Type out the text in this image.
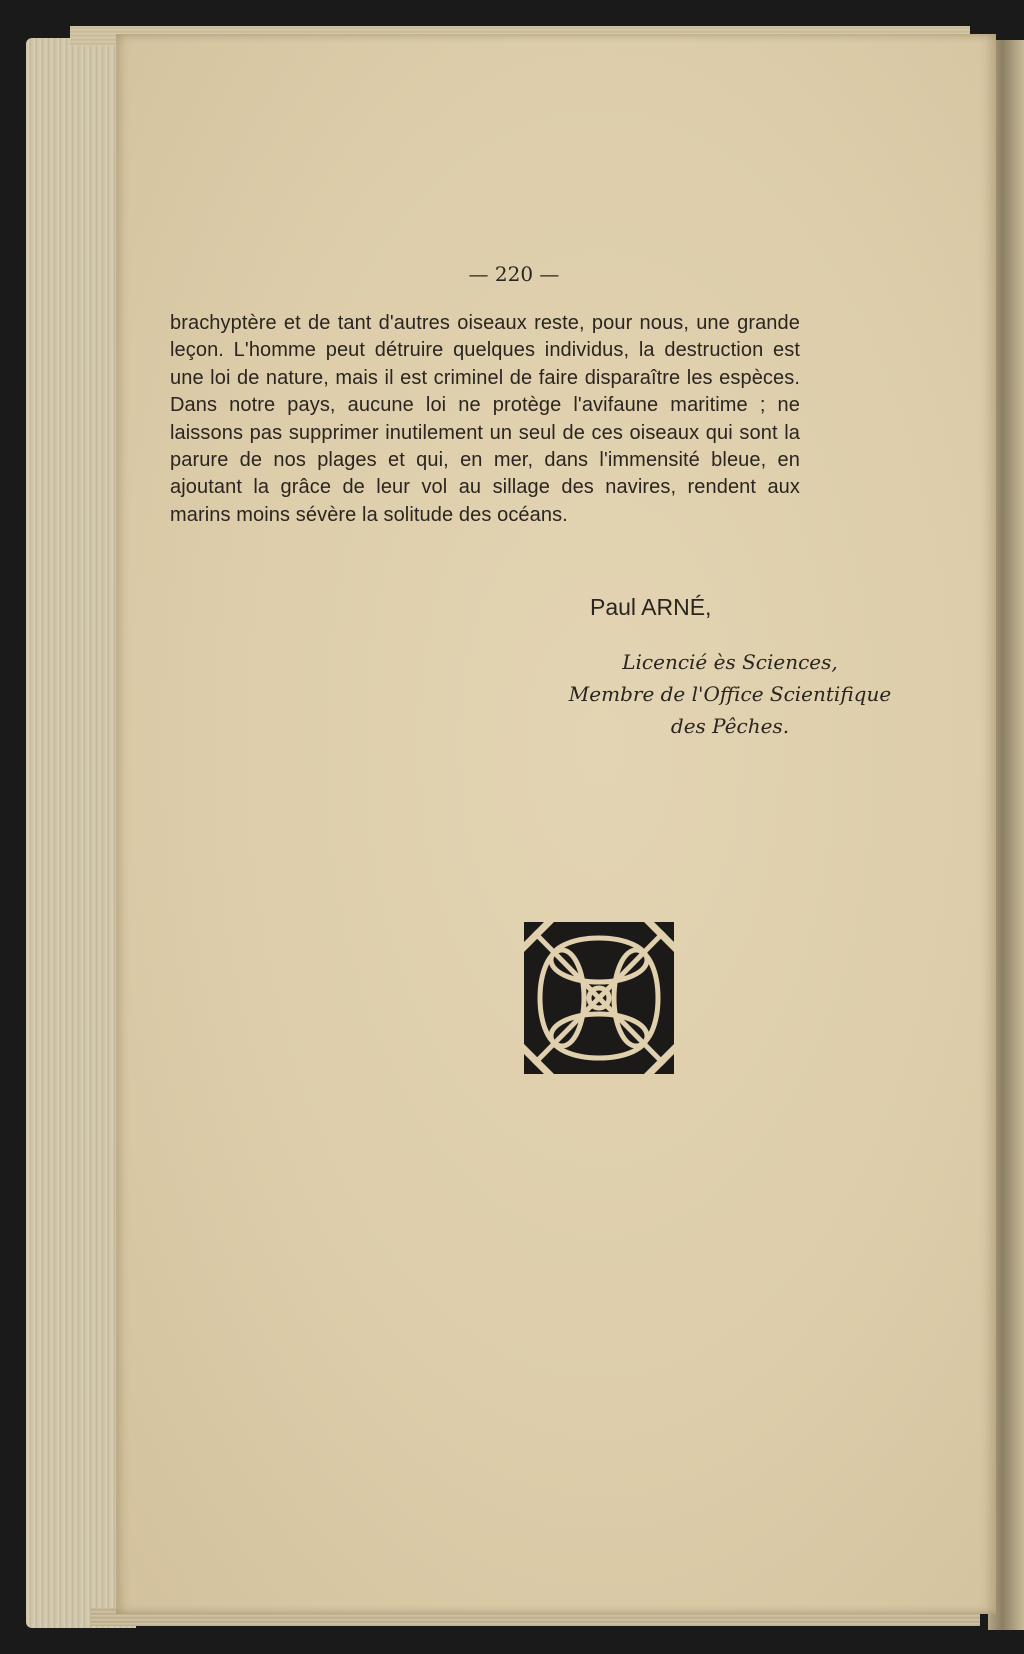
— 220 —

brachyptère et de tant d'autres oiseaux reste, pour nous, une grande leçon. L'homme peut détruire quelques individus, la destruction est une loi de nature, mais il est criminel de faire disparaître les espèces. Dans notre pays, aucune loi ne protège l'avifaune maritime ; ne laissons pas supprimer inutilement un seul de ces oiseaux qui sont la parure de nos plages et qui, en mer, dans l'immensité bleue, en ajoutant la grâce de leur vol au sillage des navires, rendent aux marins moins sévère la solitude des océans.

Paul ARNÉ,
Licencié ès Sciences,
Membre de l'Office Scientifique
des Pêches.
